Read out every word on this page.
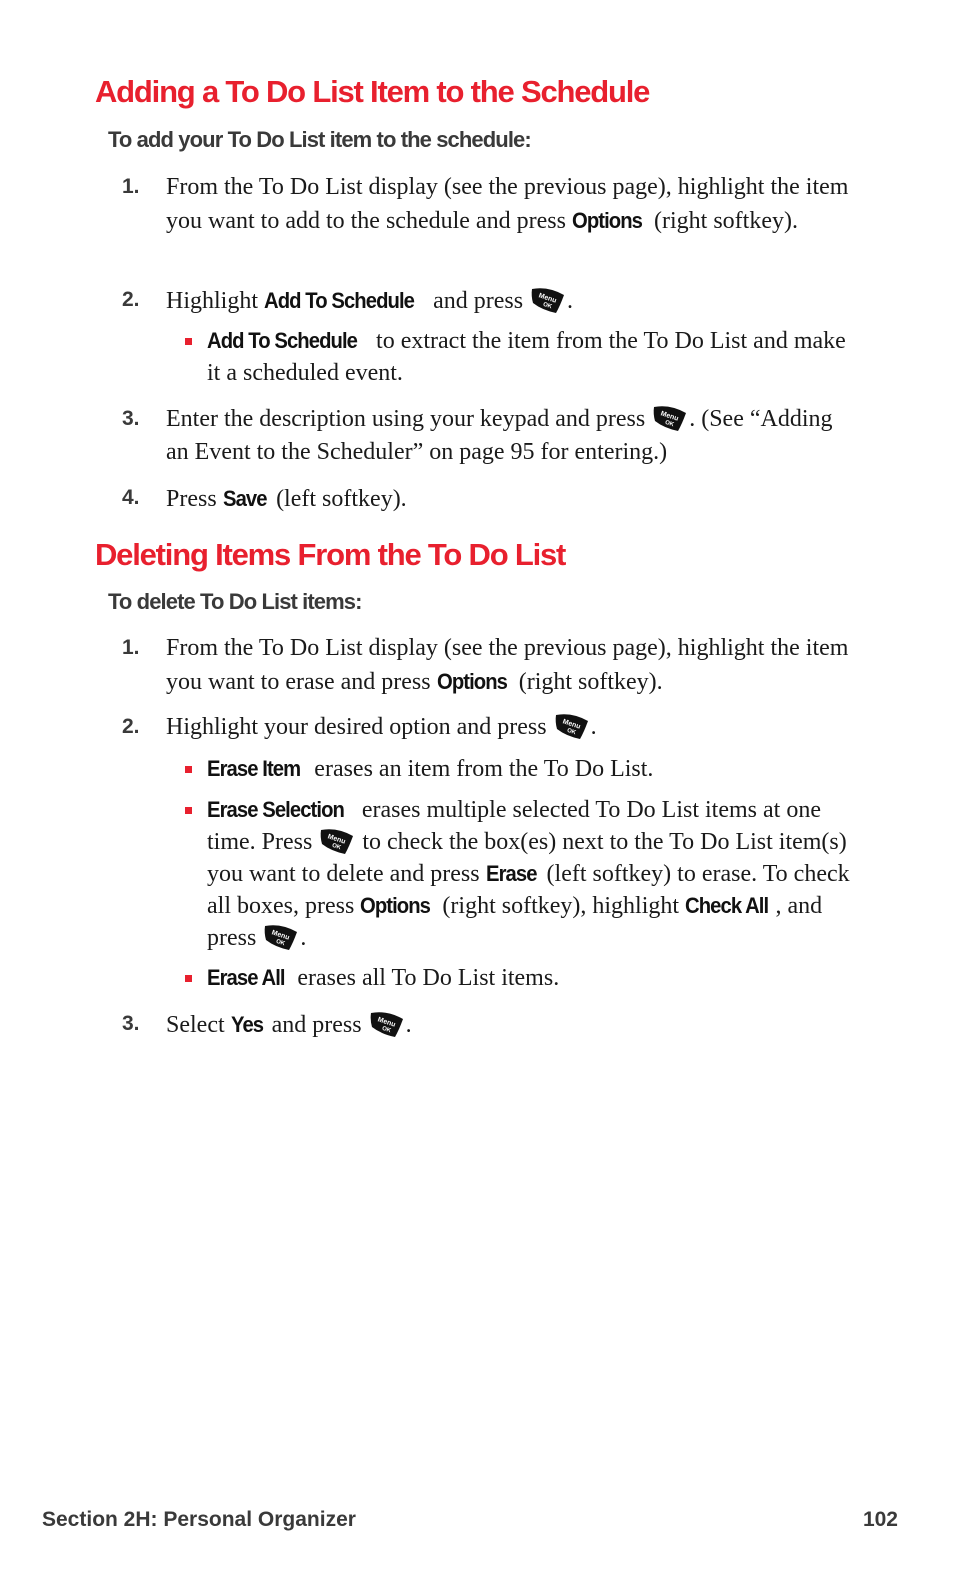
Adding a To Do List Item to the Schedule

To add your To Do List item to the schedule:

1. From the To Do List display (see the previous page), highlight the item you want to add to the schedule and press Options (right softkey).
2. Highlight Add To Schedule and press .
Add To Schedule to extract the item from the To Do List and make it a scheduled event.
3. Enter the description using your keypad and press . (See “Adding an Event to the Scheduler” on page 95 for entering.)
4. Press Save (left softkey).
Deleting Items From the To Do List

To delete To Do List items:

1. From the To Do List display (see the previous page), highlight the item you want to erase and press Options (right softkey).
2. Highlight your desired option and press .
Erase Item erases an item from the To Do List.
Erase Selection erases multiple selected To Do List items at one time. Press  to check the box(es) next to the To Do List item(s) you want to delete and press Erase (left softkey) to erase. To check all boxes, press Options (right softkey), highlight Check All , and press .
Erase All erases all To Do List items.
3. Select Yes and press .
Section 2H: Personal Organizer	102
